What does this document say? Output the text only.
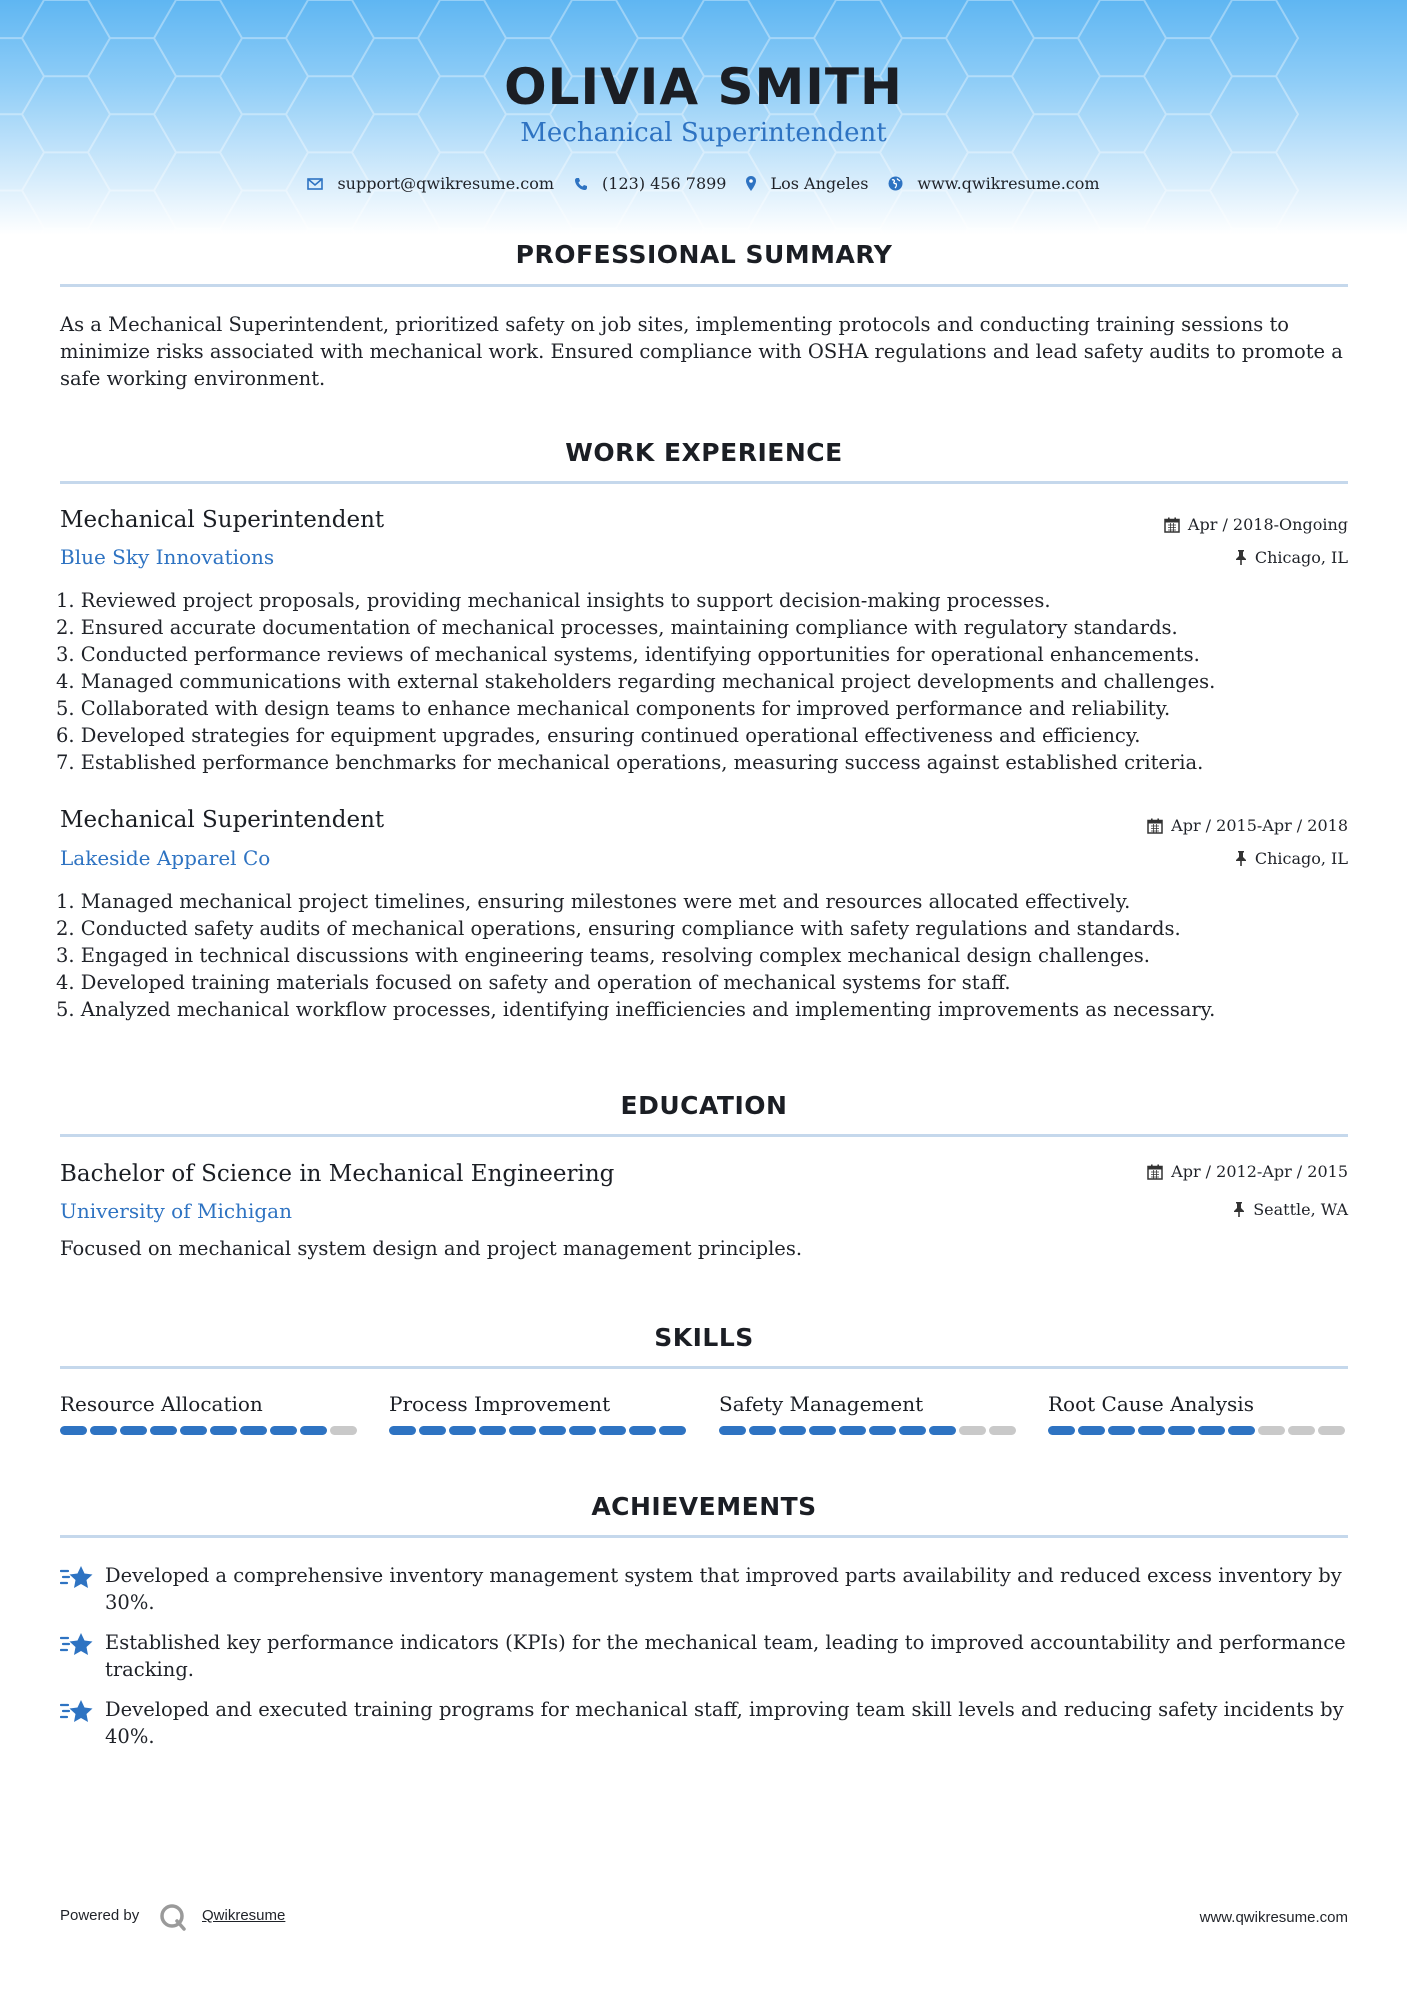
OLIVIA SMITH
Mechanical Superintendent
support@qwikresume.com	(123) 456 7899	Los Angeles	www.qwikresume.com
PROFESSIONAL SUMMARY
As a Mechanical Superintendent, prioritized safety on job sites, implementing protocols and conducting training sessions to minimize risks associated with mechanical work. Ensured compliance with OSHA regulations and lead safety audits to promote a safe working environment.
WORK EXPERIENCE
Mechanical Superintendent
Blue Sky Innovations
Apr / 2018-Ongoing
Chicago, IL
1. Reviewed project proposals, providing mechanical insights to support decision-making processes.
2. Ensured accurate documentation of mechanical processes, maintaining compliance with regulatory standards.
3. Conducted performance reviews of mechanical systems, identifying opportunities for operational enhancements.
4. Managed communications with external stakeholders regarding mechanical project developments and challenges.
5. Collaborated with design teams to enhance mechanical components for improved performance and reliability.
6. Developed strategies for equipment upgrades, ensuring continued operational effectiveness and efficiency.
7. Established performance benchmarks for mechanical operations, measuring success against established criteria.
Mechanical Superintendent
Lakeside Apparel Co
Apr / 2015-Apr / 2018
Chicago, IL
1. Managed mechanical project timelines, ensuring milestones were met and resources allocated effectively.
2. Conducted safety audits of mechanical operations, ensuring compliance with safety regulations and standards.
3. Engaged in technical discussions with engineering teams, resolving complex mechanical design challenges.
4. Developed training materials focused on safety and operation of mechanical systems for staff.
5. Analyzed mechanical workflow processes, identifying inefficiencies and implementing improvements as necessary.
EDUCATION
Bachelor of Science in Mechanical Engineering
University of Michigan
Apr / 2012-Apr / 2015
Seattle, WA
Focused on mechanical system design and project management principles.
SKILLS
Resource Allocation	Process Improvement	Safety Management	Root Cause Analysis
ACHIEVEMENTS
Developed a comprehensive inventory management system that improved parts availability and reduced excess inventory by 30%.
Established key performance indicators (KPIs) for the mechanical team, leading to improved accountability and performance tracking.
Developed and executed training programs for mechanical staff, improving team skill levels and reducing safety incidents by 40%.
Powered by	Qwikresume	www.qwikresume.com
